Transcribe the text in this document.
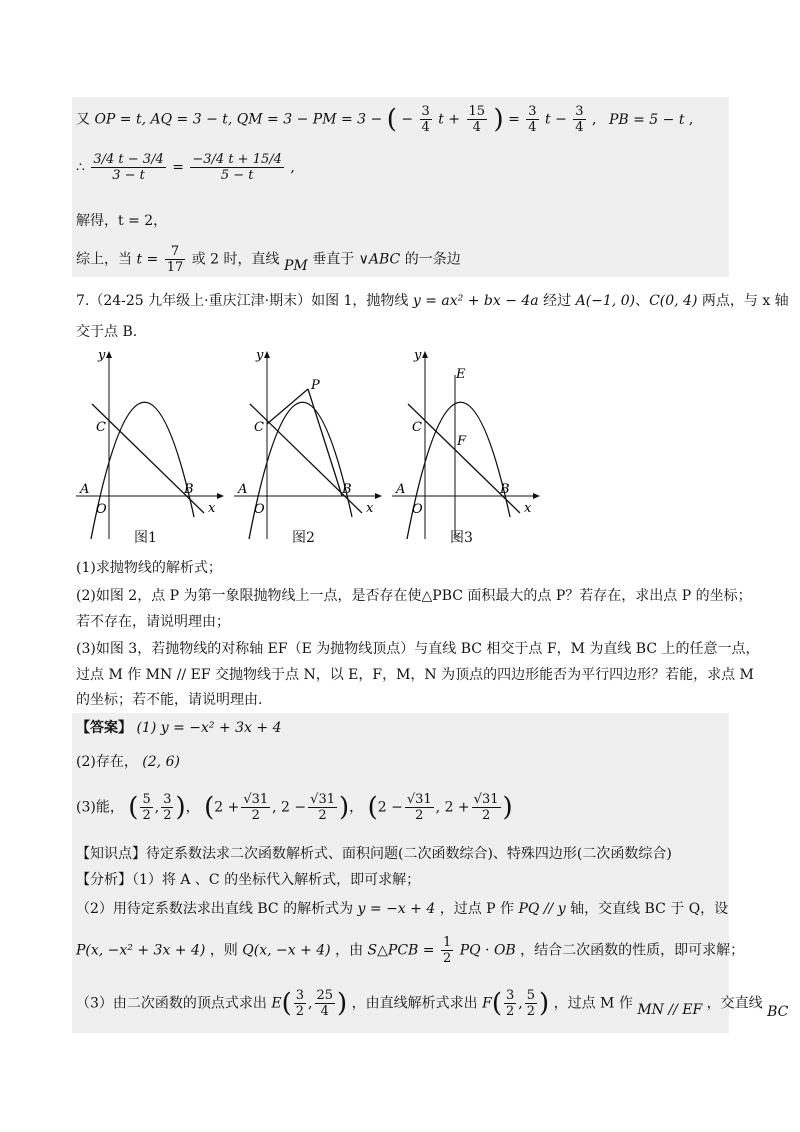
又 OP = t, AQ = 3 − t, QM = 3 − PM = 3 − ( − $\frac{3}{4}$ $t + \frac{15}{4}$ ) = $\frac{3}{4}$ $t - \frac{3}{4}$ , PB = 5 − t ,
∴ $\frac{3/4 t - 3/4}{3 - t} = \frac{-3/4 t + 15/4}{5 - t}$ ,
解得，t = 2，
综上，当 $t = \frac{7}{17}$ 或 2 时，直线 PM 垂直于 ∨ABC 的一条边
7.（24-25 九年级上·重庆江津·期末）如图 1，抛物线 y = ax² + bx − 4a 经过 A(−1, 0)、C(0, 4) 两点，与 x 轴
交于点 B.
y
x
O
A	B
C
图1
y
x
O
A	B
C
P
图2
y
x
O
A	B
C
E
F
图3
(1)求抛物线的解析式；
(2)如图 2，点 P 为第一象限抛物线上一点，是否存在使△PBC 面积最大的点 P？若存在，求出点 P 的坐标；
若不存在，请说明理由；
(3)如图 3，若抛物线的对称轴 EF（E 为抛物线顶点）与直线 BC 相交于点 F，M 为直线 BC 上的任意一点，
过点 M 作 MN // EF 交抛物线于点 N，以 E，F，M，N 为顶点的四边形能否为平行四边形？若能，求点 M
的坐标；若不能，请说明理由.
【答案】 (1) y = −x² + 3x + 4
(2)存在， (2, 6)
(3)能， ( $\frac{5}{2}$ , $\frac{3}{2}$ )， ($2 + \frac{√31}{2}$ , $2 - \frac{√31}{2}$ )， ($2 - \frac{√31}{2}$ , $2 + \frac{√31}{2}$ )
【知识点】待定系数法求二次函数解析式、面积问题(二次函数综合)、特殊四边形(二次函数综合)
【分析】（1）将 A 、C 的坐标代入解析式，即可求解；
（2）用待定系数法求出直线 BC 的解析式为 y = −x + 4 ，过点 P 作 PQ // y 轴，交直线 BC 于 Q，设
P(x, −x² + 3x + 4) ，则 Q(x, −x + 4) ，由 S△PCB = $\frac{1}{2}$ PQ · OB ，结合二次函数的性质，即可求解；
（3）由二次函数的顶点式求出 $E( \frac{3}{2}$ , $\frac{25}{4}$ ) ，由直线解析式求出 $F( \frac{3}{2}$ , $\frac{5}{2}$ ) ，过点 M 作 MN // EF ，交直线 BC
